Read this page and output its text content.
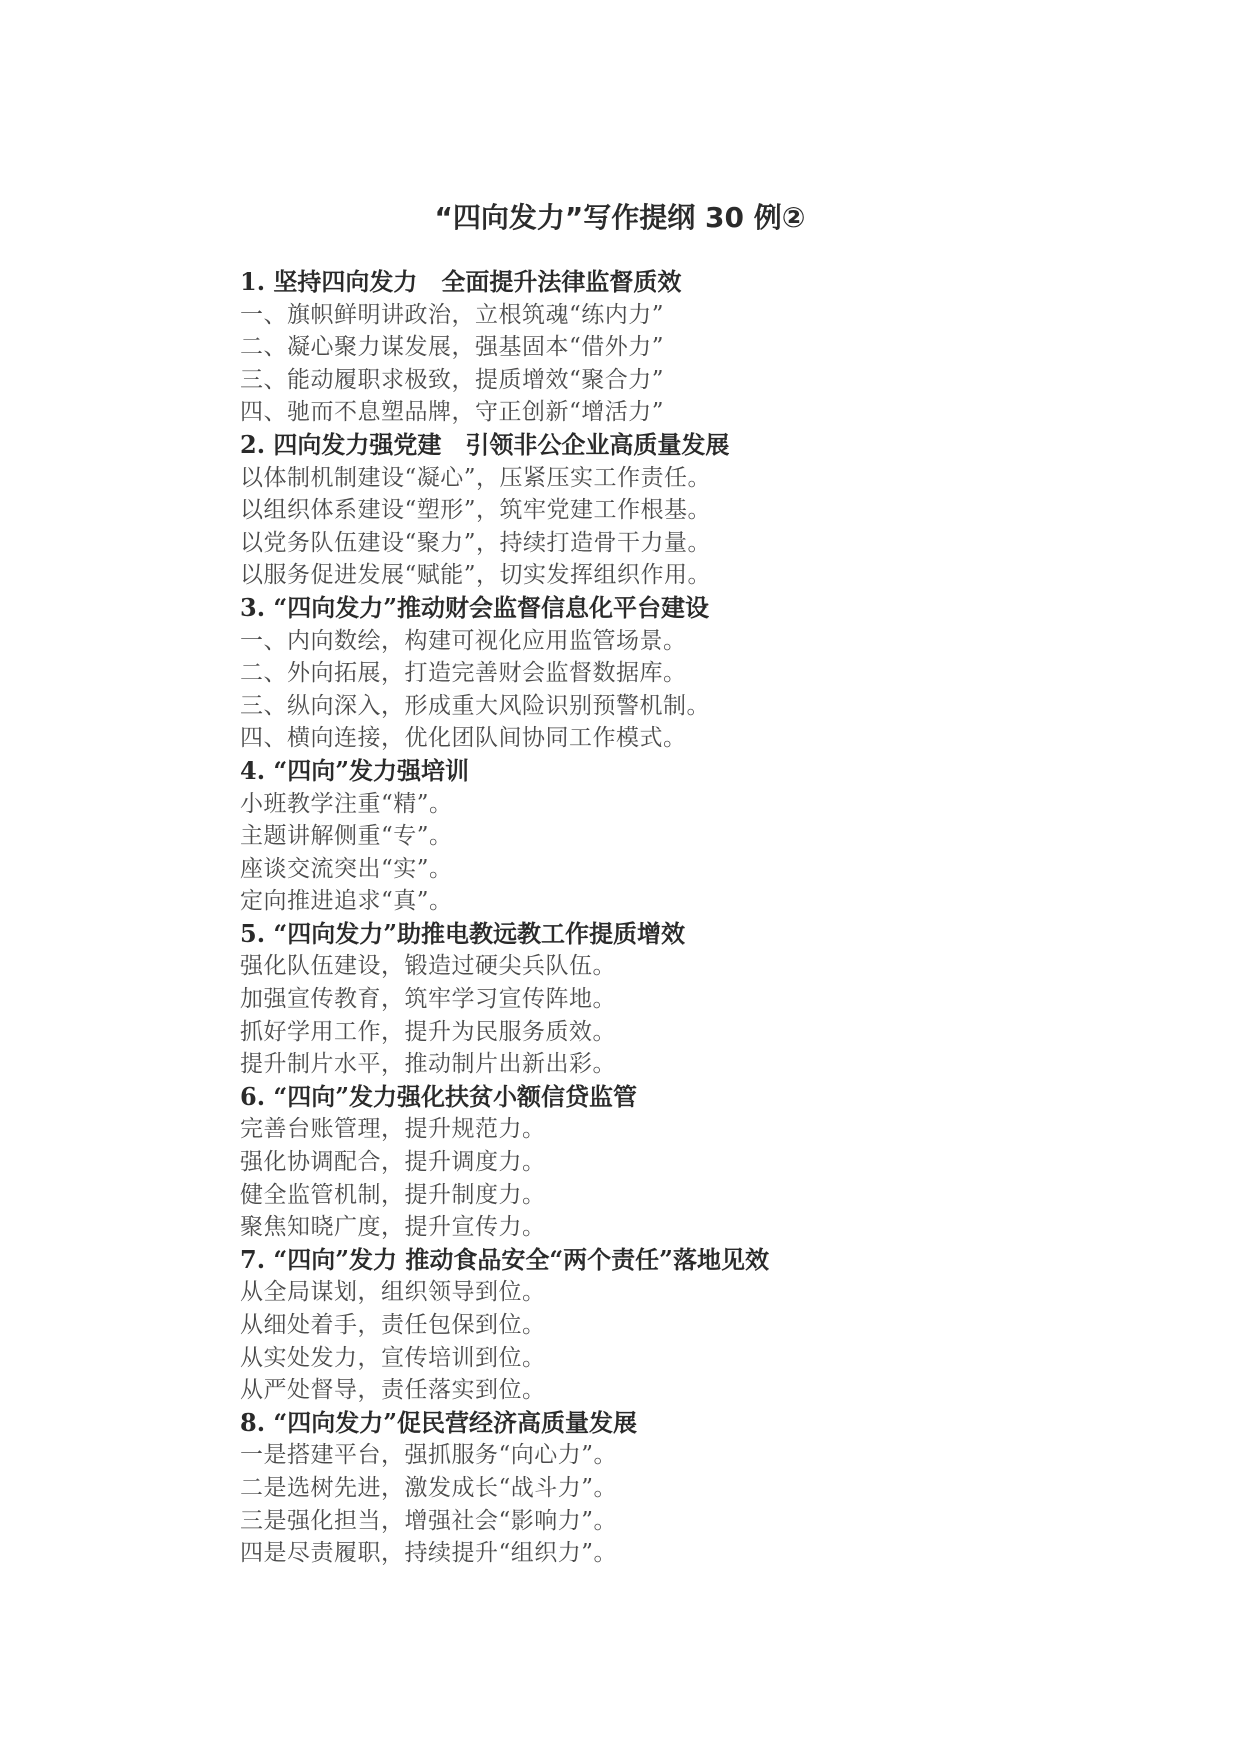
“四向发力”写作提纲 30 例②
1. 坚持四向发力　全面提升法律监督质效
一、旗帜鲜明讲政治，立根筑魂“练内力”
二、凝心聚力谋发展，强基固本“借外力”
三、能动履职求极致，提质增效“聚合力”
四、驰而不息塑品牌，守正创新“增活力”
2. 四向发力强党建　引领非公企业高质量发展
以体制机制建设“凝心”，压紧压实工作责任。
以组织体系建设“塑形”，筑牢党建工作根基。
以党务队伍建设“聚力”，持续打造骨干力量。
以服务促进发展“赋能”，切实发挥组织作用。
3. “四向发力”推动财会监督信息化平台建设
一、内向数绘，构建可视化应用监管场景。
二、外向拓展，打造完善财会监督数据库。
三、纵向深入，形成重大风险识别预警机制。
四、横向连接，优化团队间协同工作模式。
4. “四向”发力强培训
小班教学注重“精”。
主题讲解侧重“专”。
座谈交流突出“实”。
定向推进追求“真”。
5. “四向发力”助推电教远教工作提质增效
强化队伍建设，锻造过硬尖兵队伍。
加强宣传教育，筑牢学习宣传阵地。
抓好学用工作，提升为民服务质效。
提升制片水平，推动制片出新出彩。
6. “四向”发力强化扶贫小额信贷监管
完善台账管理，提升规范力。
强化协调配合，提升调度力。
健全监管机制，提升制度力。
聚焦知晓广度，提升宣传力。
7. “四向”发力 推动食品安全“两个责任”落地见效
从全局谋划，组织领导到位。
从细处着手，责任包保到位。
从实处发力，宣传培训到位。
从严处督导，责任落实到位。
8. “四向发力”促民营经济高质量发展
一是搭建平台，强抓服务“向心力”。
二是选树先进，激发成长“战斗力”。
三是强化担当，增强社会“影响力”。
四是尽责履职，持续提升“组织力”。
